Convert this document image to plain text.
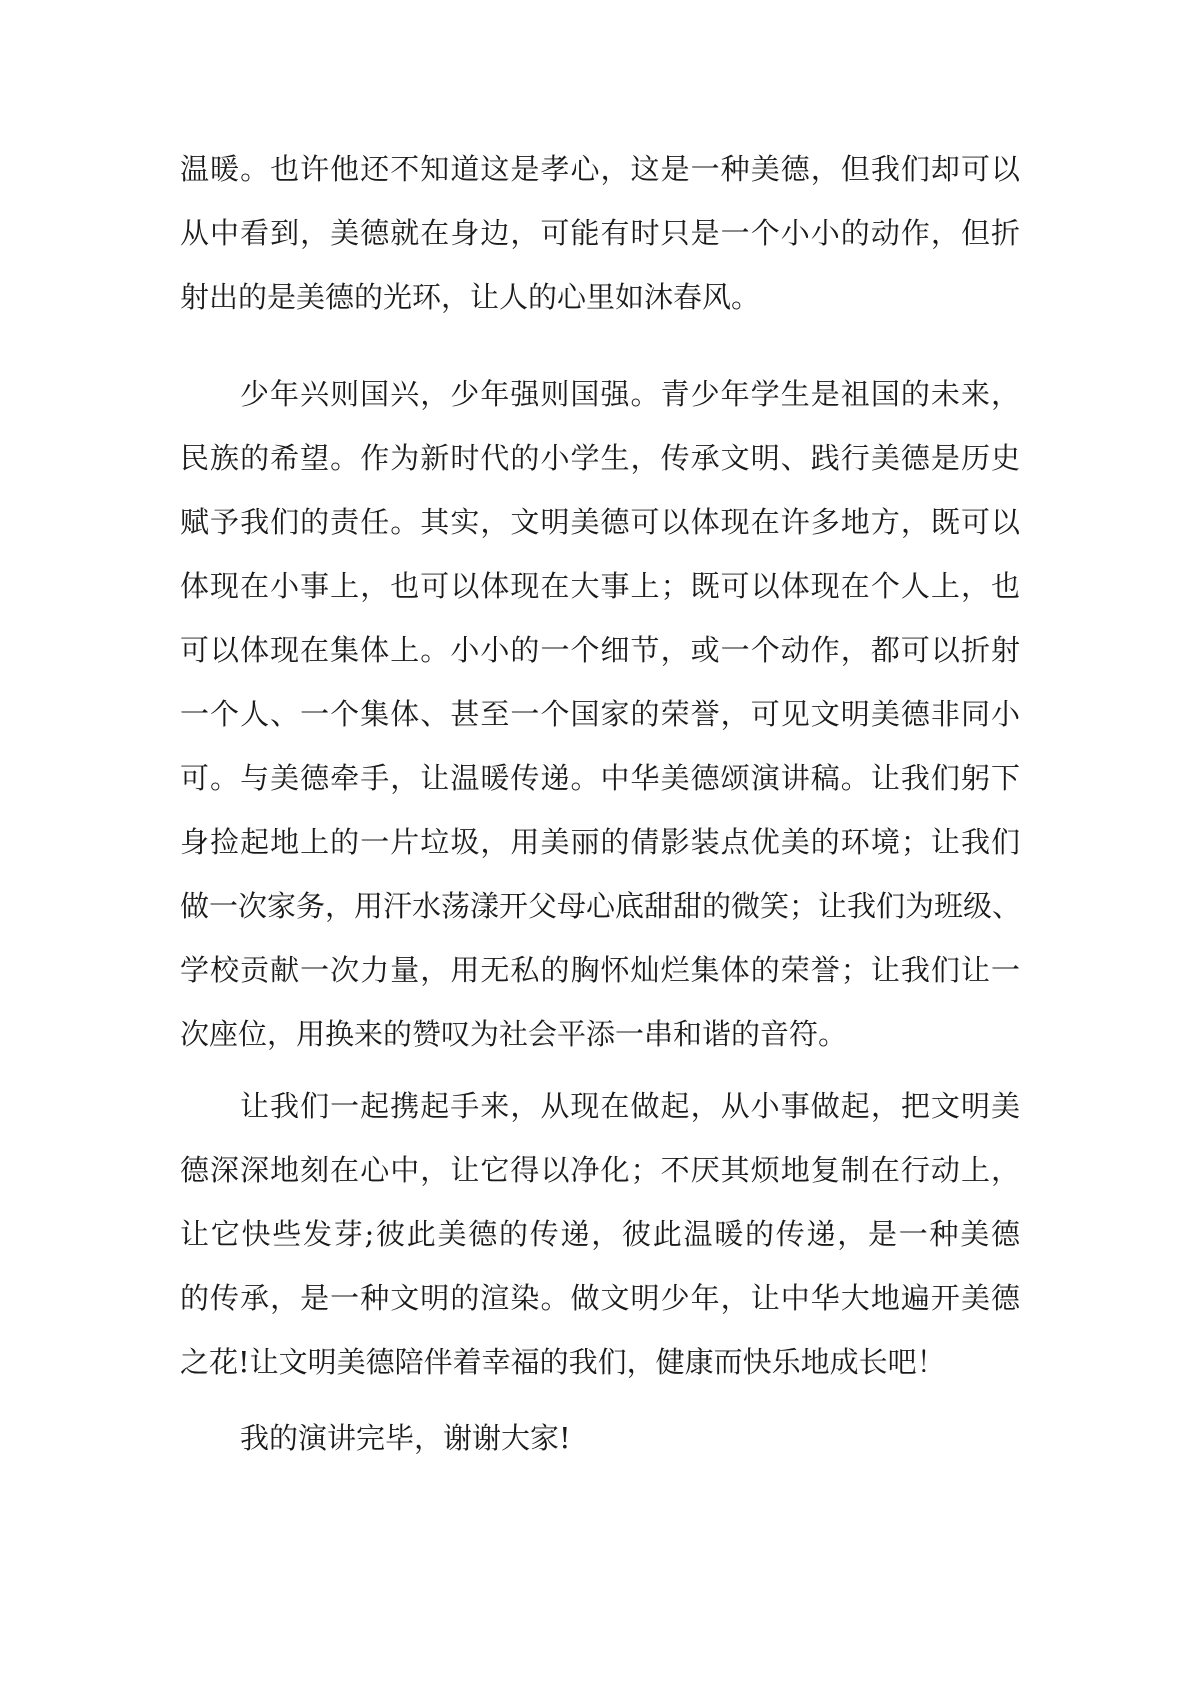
温暖。也许他还不知道这是孝心，这是一种美德，但我们却可以
从中看到，美德就在身边，可能有时只是一个小小的动作，但折
射出的是美德的光环，让人的心里如沐春风。
少年兴则国兴，少年强则国强。青少年学生是祖国的未来，
民族的希望。作为新时代的小学生，传承文明、践行美德是历史
赋予我们的责任。其实，文明美德可以体现在许多地方，既可以
体现在小事上，也可以体现在大事上；既可以体现在个人上，也
可以体现在集体上。小小的一个细节，或一个动作，都可以折射
一个人、一个集体、甚至一个国家的荣誉，可见文明美德非同小
可。与美德牵手，让温暖传递。中华美德颂演讲稿。让我们躬下
身捡起地上的一片垃圾，用美丽的倩影装点优美的环境；让我们
做一次家务，用汗水荡漾开父母心底甜甜的微笑；让我们为班级、
学校贡献一次力量，用无私的胸怀灿烂集体的荣誉；让我们让一
次座位，用换来的赞叹为社会平添一串和谐的音符。
让我们一起携起手来，从现在做起，从小事做起，把文明美
德深深地刻在心中，让它得以净化；不厌其烦地复制在行动上，
让它快些发芽;彼此美德的传递，彼此温暖的传递，是一种美德
的传承，是一种文明的渲染。做文明少年，让中华大地遍开美德
之花!让文明美德陪伴着幸福的我们，健康而快乐地成长吧！
我的演讲完毕，谢谢大家!
